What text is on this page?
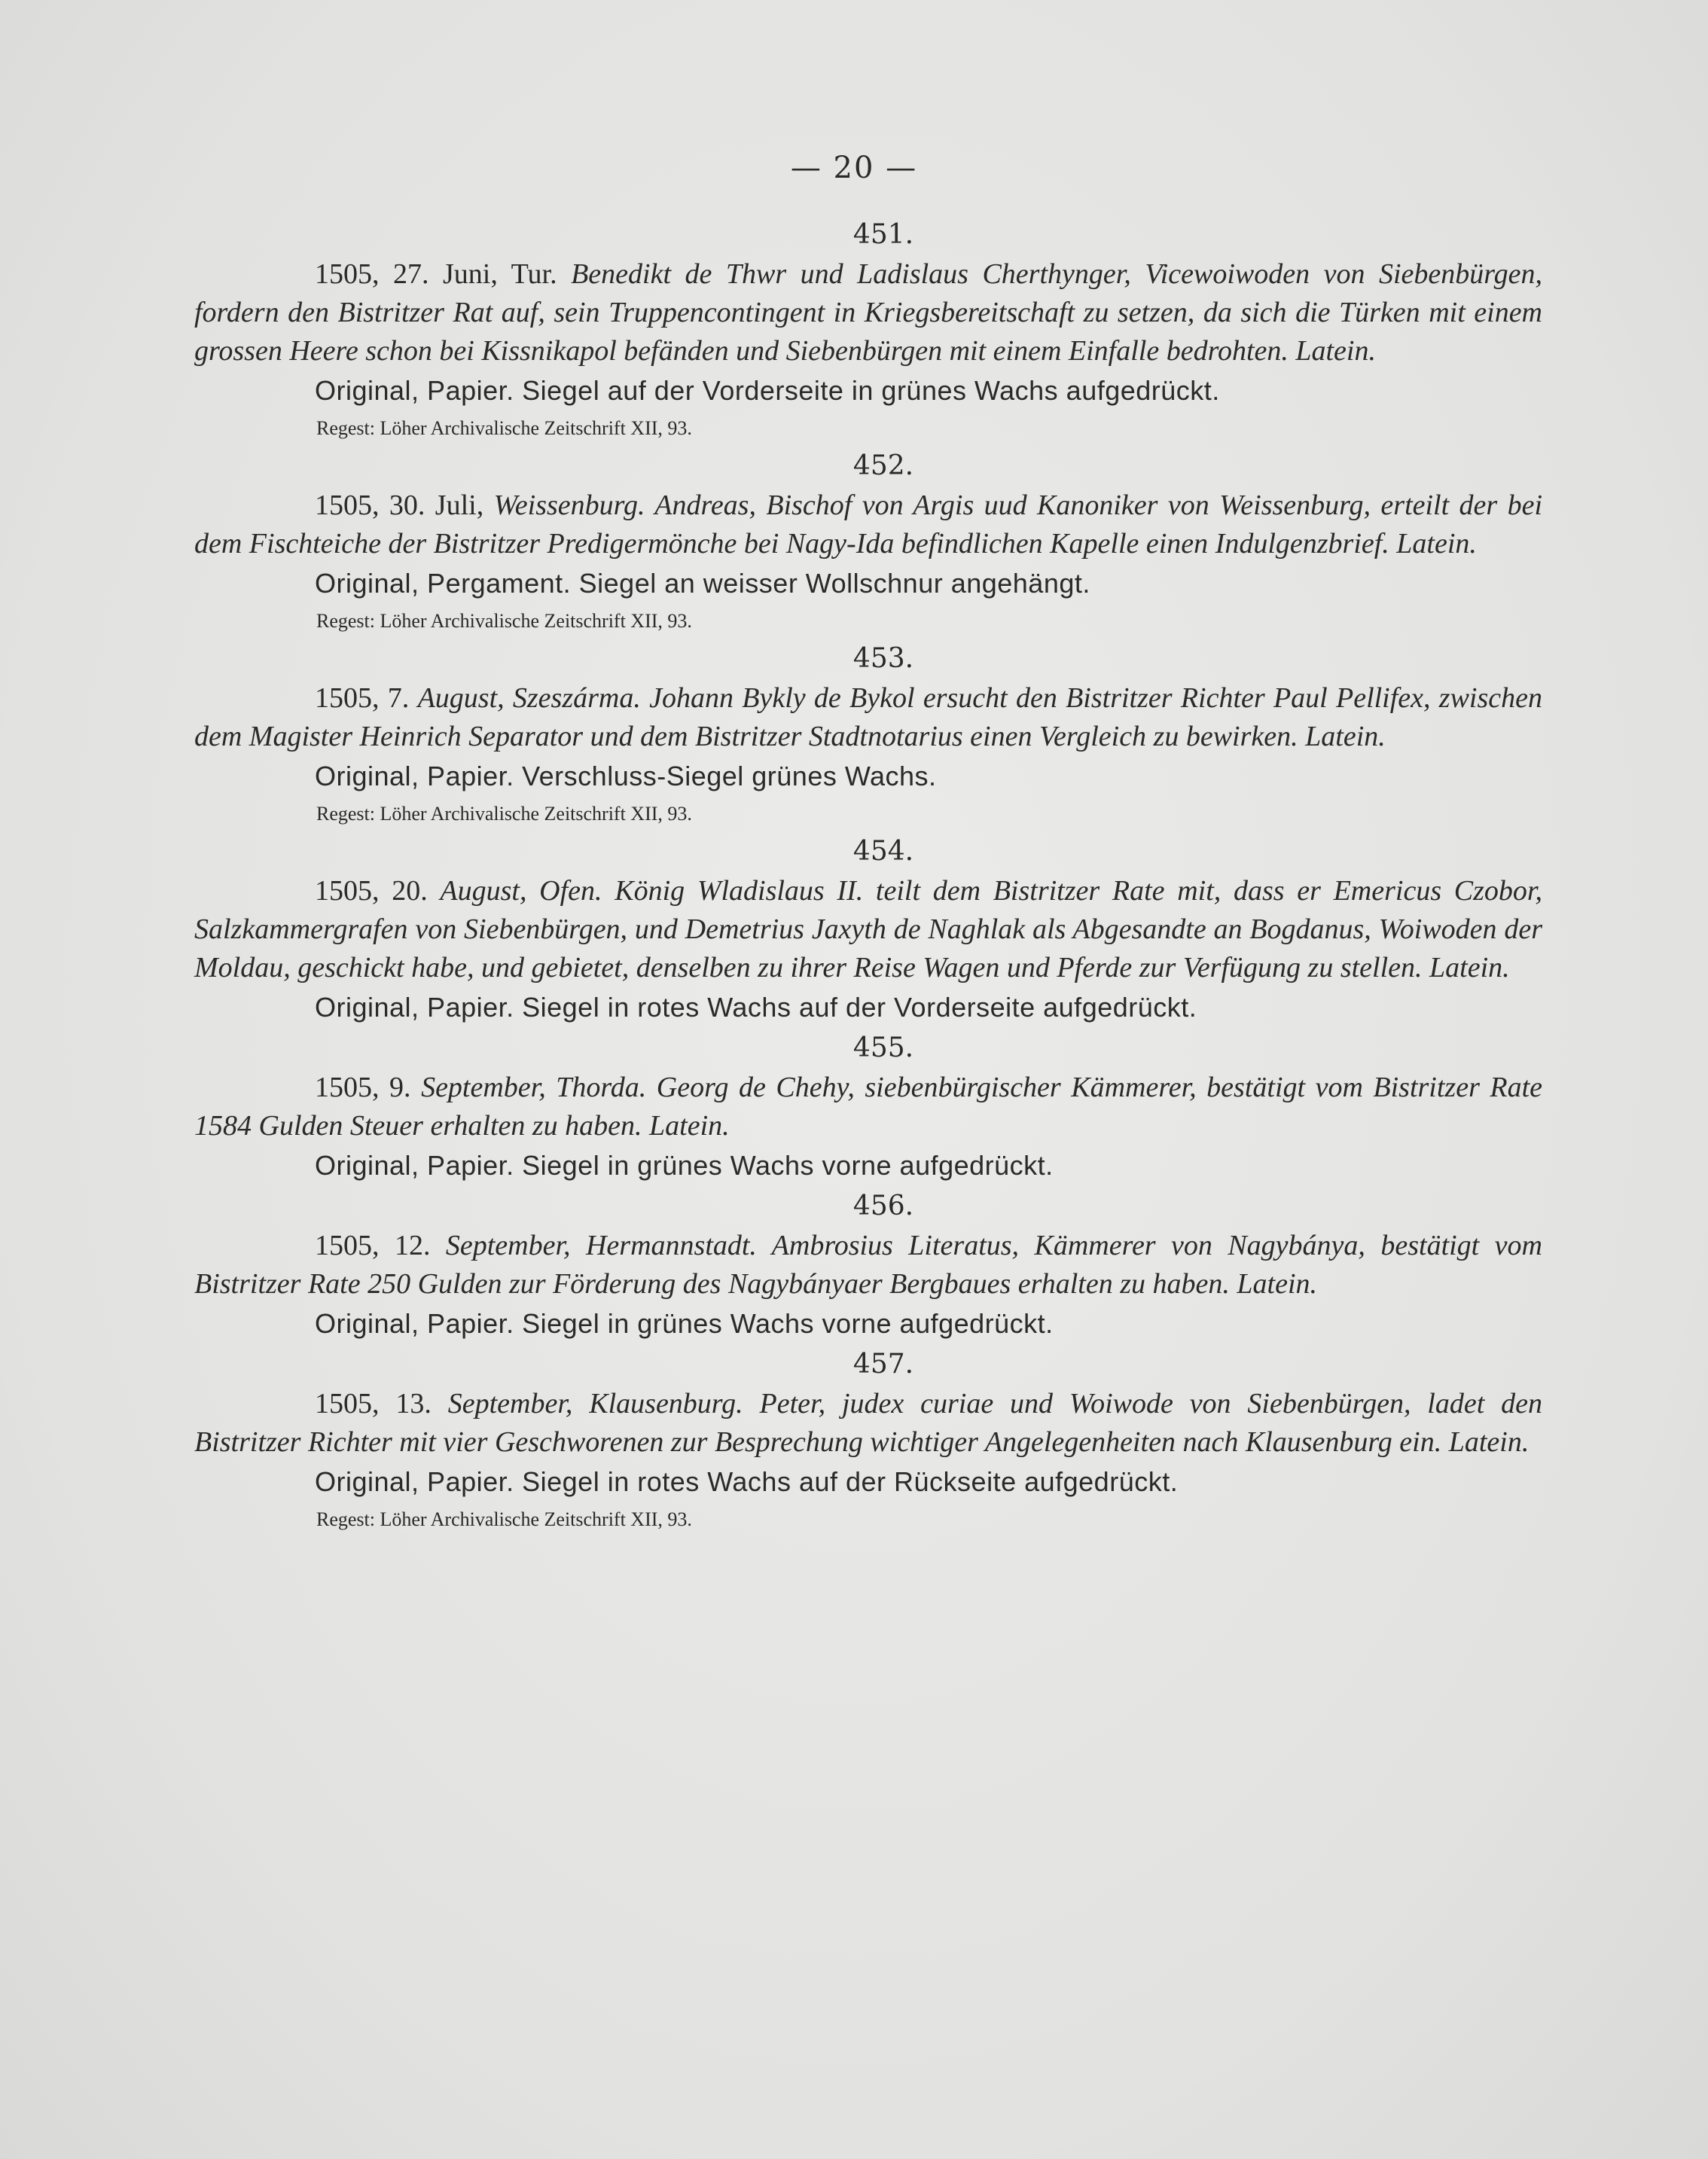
— 20 —
451.
1505, 27. Juni, Tur. Benedikt de Thwr und Ladislaus Cherthynger, Vicewoiwoden von Siebenbürgen, fordern den Bistritzer Rat auf, sein Truppencontingent in Kriegsbereitschaft zu setzen, da sich die Türken mit einem grossen Heere schon bei Kissnikapol befänden und Siebenbürgen mit einem Einfalle bedrohten. Latein.
Original, Papier. Siegel auf der Vorderseite in grünes Wachs aufgedrückt.
Regest: Löher Archivalische Zeitschrift XII, 93.
452.
1505, 30. Juli, Weissenburg. Andreas, Bischof von Argis uud Kanoniker von Weissenburg, erteilt der bei dem Fischteiche der Bistritzer Predigermönche bei Nagy-Ida befindlichen Kapelle einen Indulgenzbrief. Latein.
Original, Pergament. Siegel an weisser Wollschnur angehängt.
Regest: Löher Archivalische Zeitschrift XII, 93.
453.
1505, 7. August, Szeszárma. Johann Bykly de Bykol ersucht den Bistritzer Richter Paul Pellifex, zwischen dem Magister Heinrich Separator und dem Bistritzer Stadtnotarius einen Vergleich zu bewirken. Latein.
Original, Papier. Verschluss-Siegel grünes Wachs.
Regest: Löher Archivalische Zeitschrift XII, 93.
454.
1505, 20. August, Ofen. König Wladislaus II. teilt dem Bistritzer Rate mit, dass er Emericus Czobor, Salzkammergrafen von Siebenbürgen, und Demetrius Jaxyth de Naghlak als Abgesandte an Bogdanus, Woiwoden der Moldau, geschickt habe, und gebietet, denselben zu ihrer Reise Wagen und Pferde zur Verfügung zu stellen. Latein.
Original, Papier. Siegel in rotes Wachs auf der Vorderseite aufgedrückt.
455.
1505, 9. September, Thorda. Georg de Chehy, siebenbürgischer Kämmerer, bestätigt vom Bistritzer Rate 1584 Gulden Steuer erhalten zu haben. Latein.
Original, Papier. Siegel in grünes Wachs vorne aufgedrückt.
456.
1505, 12. September, Hermannstadt. Ambrosius Literatus, Kämmerer von Nagybánya, bestätigt vom Bistritzer Rate 250 Gulden zur Förderung des Nagybányaer Bergbaues erhalten zu haben. Latein.
Original, Papier. Siegel in grünes Wachs vorne aufgedrückt.
457.
1505, 13. September, Klausenburg. Peter, judex curiae und Woiwode von Siebenbürgen, ladet den Bistritzer Richter mit vier Geschworenen zur Besprechung wichtiger Angelegenheiten nach Klausenburg ein. Latein.
Original, Papier. Siegel in rotes Wachs auf der Rückseite aufgedrückt.
Regest: Löher Archivalische Zeitschrift XII, 93.
